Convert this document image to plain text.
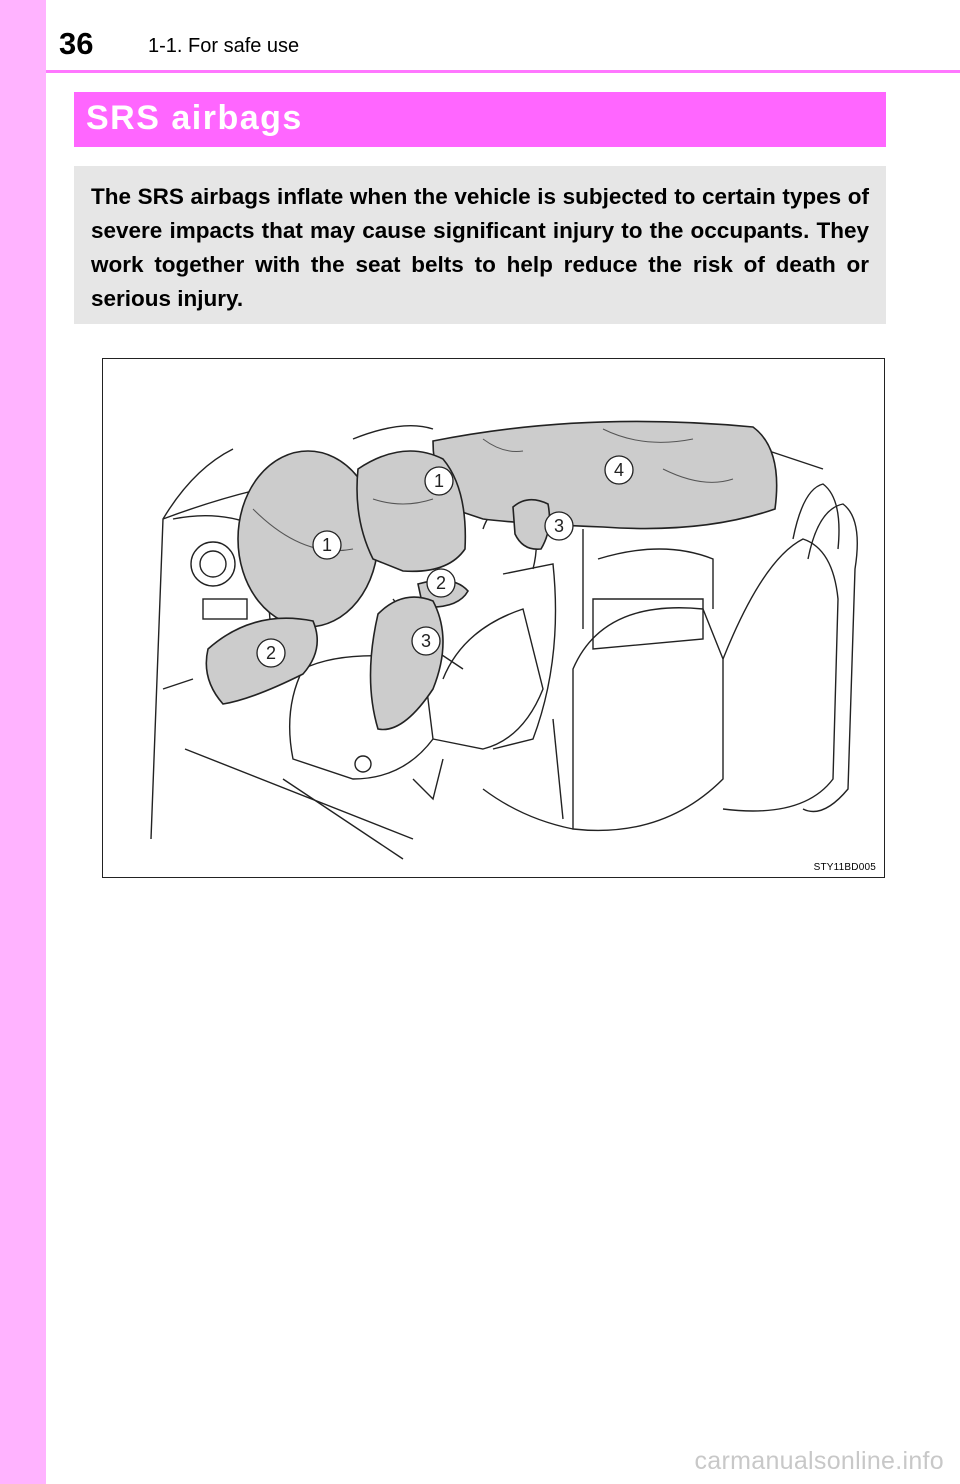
36	1-1. For safe use
SRS airbags
The SRS airbags inflate when the vehicle is subjected to certain types of severe impacts that may cause significant injury to the occupants. They work together with the seat belts to help reduce the risk of death or serious injury.
1
1
2
2
3
3
4
STY11BD005
carmanualsonline.info
